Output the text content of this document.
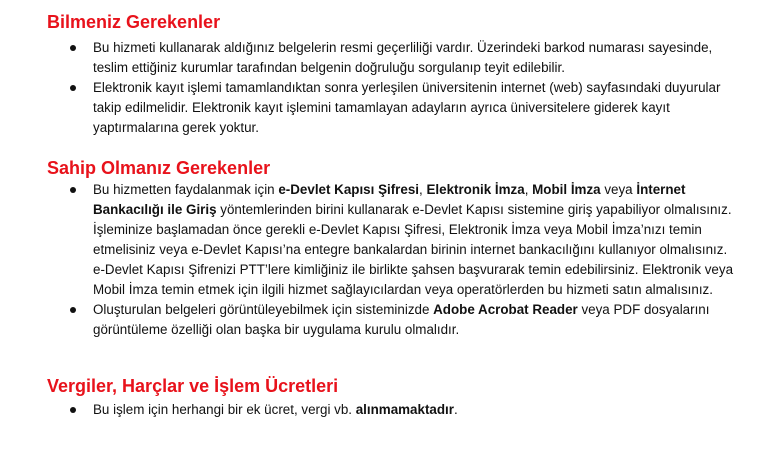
Bilmeniz Gerekenler
Bu hizmeti kullanarak aldığınız belgelerin resmi geçerliliği vardır. Üzerindeki barkod numarası sayesinde, teslim ettiğiniz kurumlar tarafından belgenin doğruluğu sorgulanıp teyit edilebilir.
Elektronik kayıt işlemi tamamlandıktan sonra yerleşilen üniversitenin internet (web) sayfasındaki duyurular takip edilmelidir. Elektronik kayıt işlemini tamamlayan adayların ayrıca üniversitelere giderek kayıt yaptırmalarına gerek yoktur.
Sahip Olmanız Gerekenler
Bu hizmetten faydalanmak için e-Devlet Kapısı Şifresi, Elektronik İmza, Mobil İmza veya İnternet Bankacılığı ile Giriş yöntemlerinden birini kullanarak e-Devlet Kapısı sistemine giriş yapabiliyor olmalısınız. İşleminize başlamadan önce gerekli e-Devlet Kapısı Şifresi, Elektronik İmza veya Mobil İmza’nızı temin etmelisiniz veya e-Devlet Kapısı’na entegre bankalardan birinin internet bankacılığını kullanıyor olmalısınız. e-Devlet Kapısı Şifrenizi PTT’lere kimliğiniz ile birlikte şahsen başvurarak temin edebilirsiniz. Elektronik veya Mobil İmza temin etmek için ilgili hizmet sağlayıcılardan veya operatörlerden bu hizmeti satın almalısınız.
Oluşturulan belgeleri görüntüleyebilmek için sisteminizde Adobe Acrobat Reader veya PDF dosyalarını görüntüleme özelliği olan başka bir uygulama kurulu olmalıdır.
Vergiler, Harçlar ve İşlem Ücretleri
Bu işlem için herhangi bir ek ücret, vergi vb. alınmamaktadır.
